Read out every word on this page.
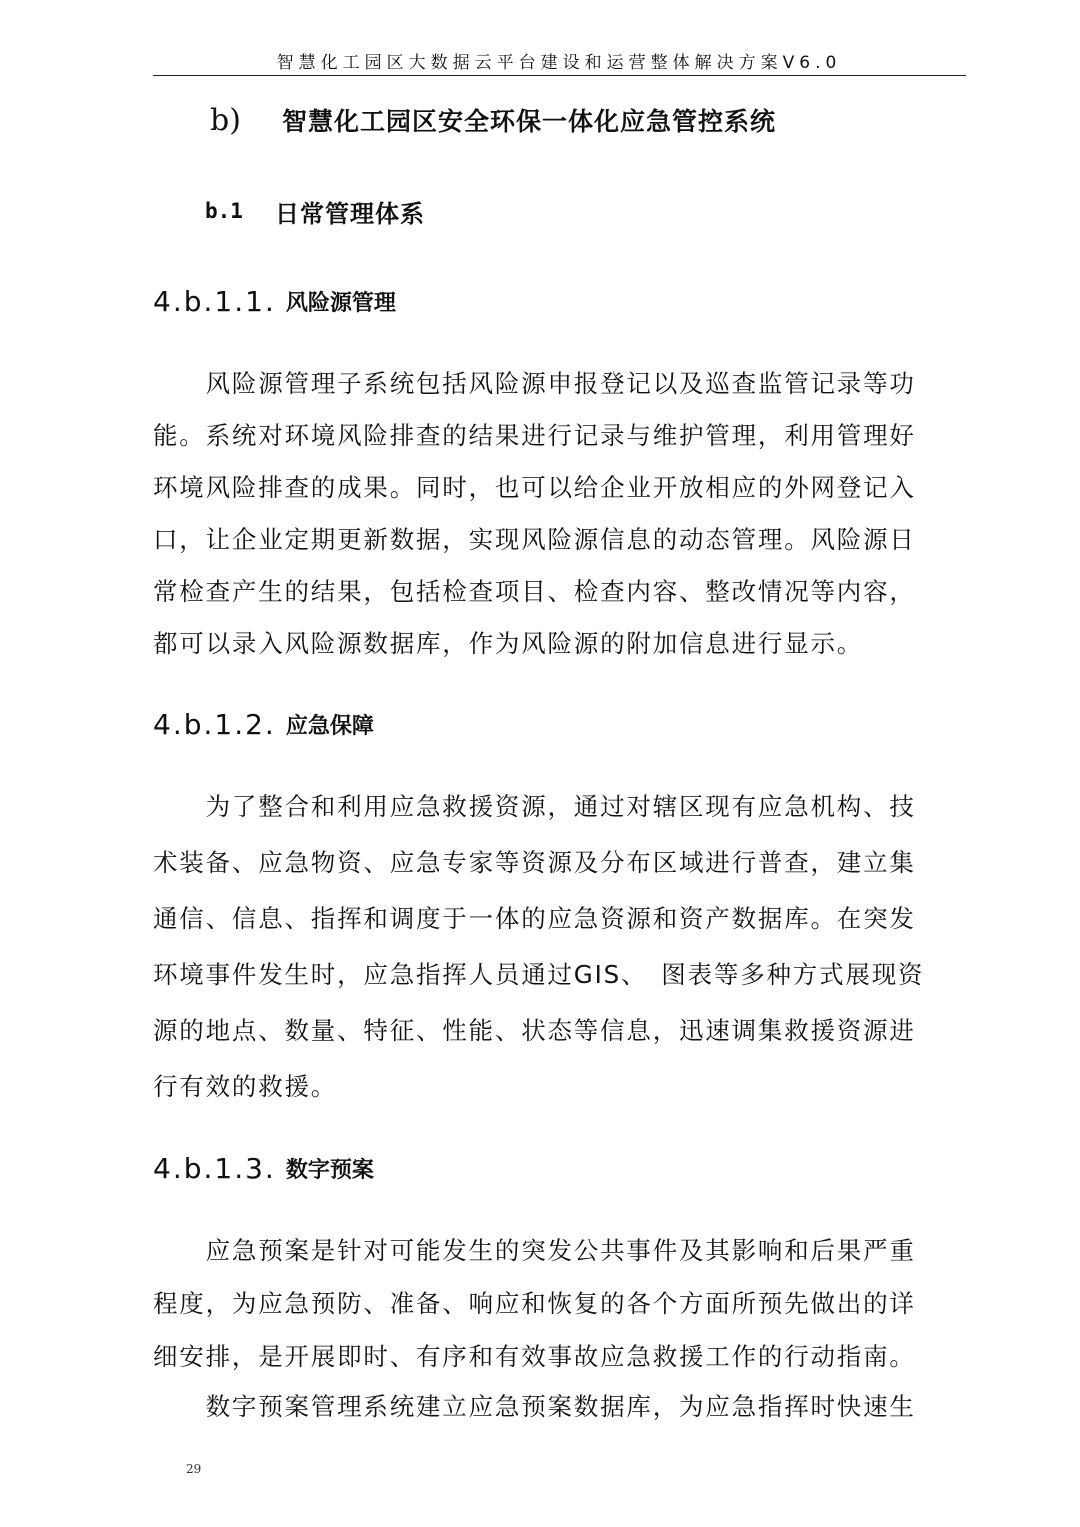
智慧化工园区大数据云平台建设和运营整体解决方案V6.0
b)	智慧化工园区安全环保一体化应急管控系统
b.1	日常管理体系
4.b.1.1. 风险源管理

　　风险源管理子系统包括风险源申报登记以及巡查监管记录等功
能。系统对环境风险排查的结果进行记录与维护管理，利用管理好
环境风险排查的成果。同时，也可以给企业开放相应的外网登记入
口，让企业定期更新数据，实现风险源信息的动态管理。风险源日
常检查产生的结果，包括检查项目、检查内容、整改情况等内容，
都可以录入风险源数据库，作为风险源的附加信息进行显示。

4.b.1.2. 应急保障

　　为了整合和利用应急救援资源，通过对辖区现有应急机构、技
术装备、应急物资、应急专家等资源及分布区域进行普查，建立集
通信、信息、指挥和调度于一体的应急资源和资产数据库。在突发
环境事件发生时，应急指挥人员通过GIS、　图表等多种方式展现资
源的地点、数量、特征、性能、状态等信息，迅速调集救援资源进
行有效的救援。

4.b.1.3. 数字预案

　　应急预案是针对可能发生的突发公共事件及其影响和后果严重
程度，为应急预防、准备、响应和恢复的各个方面所预先做出的详
细安排，是开展即时、有序和有效事故应急救援工作的行动指南。

　　数字预案管理系统建立应急预案数据库，为应急指挥时快速生

29
